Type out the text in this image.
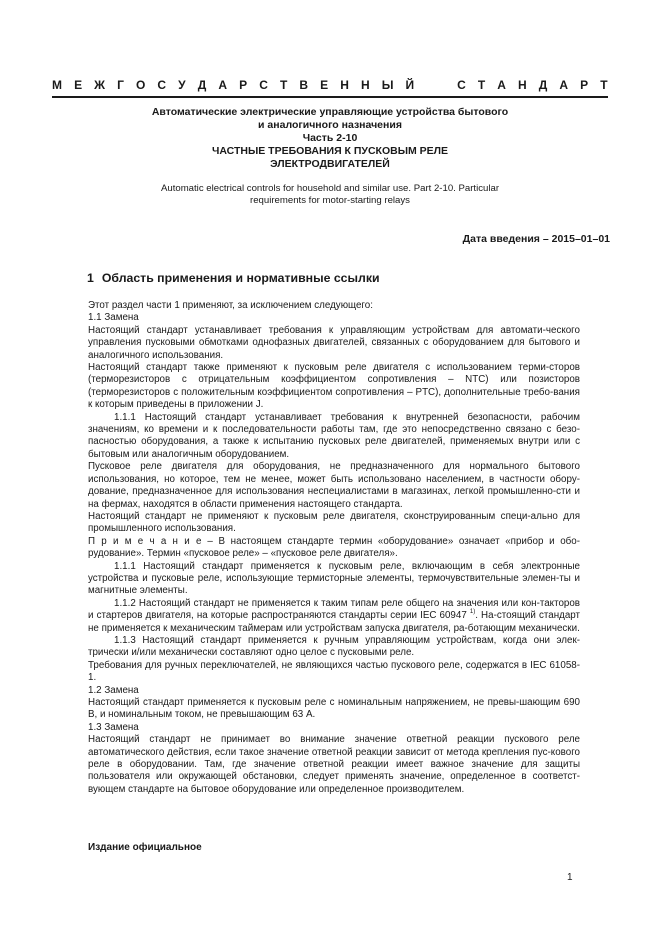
М Е Ж Г О С У Д А Р С Т В Е Н Н Ы Й

	С Т А Н Д А Р Т
Автоматические электрические управляющие устройства бытового
и аналогичного назначения
Часть 2-10
ЧАСТНЫЕ ТРЕБОВАНИЯ К ПУСКОВЫМ РЕЛЕ
ЭЛЕКТРОДВИГАТЕЛЕЙ
Automatic electrical controls for household and similar use. Part 2-10. Particular
requirements for motor-starting relays
Дата введения – 2015–01–01
1 Область применения и нормативные ссылки

Этот раздел части 1 применяют, за исключением следующего:

1.1 Замена

Настоящий стандарт устанавливает требования к управляющим устройствам для автомати-ческого управления пусковыми обмотками однофазных двигателей, связанных с оборудованием для бытового и аналогичного использования.

Настоящий стандарт также применяют к пусковым реле двигателя с использованием терми-сторов (терморезисторов с отрицательным коэффициентом сопротивления – NTC) или позисторов (терморезисторов с положительным коэффициентом сопротивления – PTC), дополнительные требо-вания к которым приведены в приложении J.

1.1.1 Настоящий стандарт устанавливает требования к внутренней безопасности, рабочим значениям, ко времени и к последовательности работы там, где это непосредственно связано с безо-пасностью оборудования, а также к испытанию пусковых реле двигателей, применяемых внутри или с бытовым или аналогичным оборудованием.

Пусковое реле двигателя для оборудования, не предназначенного для нормального бытового использования, но которое, тем не менее, может быть использовано населением, в частности обору-дование, предназначенное для использования неспециалистами в магазинах, легкой промышленно-сти и на фермах, находятся в области применения настоящего стандарта.

Настоящий стандарт не применяют к пусковым реле двигателя, сконструированным специ-ально для промышленного использования.

П р и м е ч а н и е – В настоящем стандарте термин «оборудование» означает «прибор и обо-рудование». Термин «пусковое реле» – «пусковое реле двигателя».

1.1.1 Настоящий стандарт применяется к пусковым реле, включающим в себя электронные устройства и пусковые реле, использующие термисторные элементы, термочувствительные элемен-ты и магнитные элементы.

1.1.2 Настоящий стандарт не применяется к таким типам реле общего на значения или кон-такторов и стартеров двигателя, на которые распространяются стандарты серии IEC 60947 $^{1)}$. На-стоящий стандарт не применяется к механическим таймерам или устройствам запуска двигателя, ра-ботающим механически.

1.1.3 Настоящий стандарт применяется к ручным управляющим устройствам, когда они элек-трически и/или механически составляют одно целое с пусковыми реле.

Требования для ручных переключателей, не являющихся частью пускового реле, содержатся в IEC 61058-1.

1.2 Замена

Настоящий стандарт применяется к пусковым реле с номинальным напряжением, не превы-шающим 690 В, и номинальным током, не превышающим 63 А.

1.3 Замена

Настоящий стандарт не принимает во внимание значение ответной реакции пускового реле автоматического действия, если такое значение ответной реакции зависит от метода крепления пус-кового реле в оборудовании. Там, где значение ответной реакции имеет важное значение для защиты пользователя или окружающей обстановки, следует применять значение, определенное в соответст-вующем стандарте на бытовое оборудование или определенное производителем.

Издание официальное
1
